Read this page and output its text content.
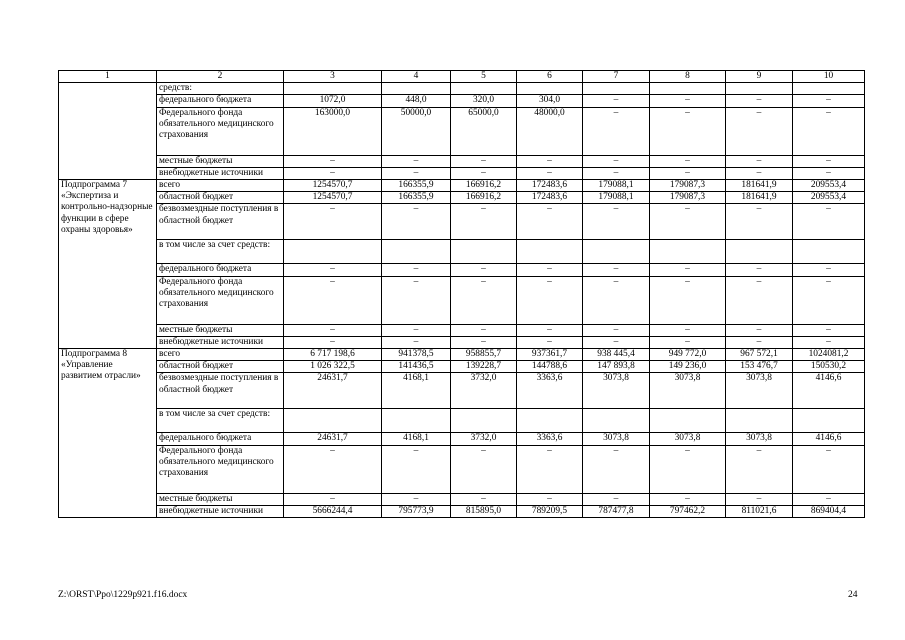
1	2	3	4	5	6	7	8	9	10
	средств:								
	федерального бюджета	1072,0	448,0	320,0	304,0	–	–	–	–
	Федерального фонда обязательного медицинского страхования	163000,0	50000,0	65000,0	48000,0	–	–	–	–
	местные бюджеты	–	–	–	–	–	–	–	–
	внебюджетные источники	–	–	–	–	–	–	–	–
Подпрограмма 7 «Экспертиза и контрольно-надзорные функции в сфере охраны здоровья»	всего	1254570,7	166355,9	166916,2	172483,6	179088,1	179087,3	181641,9	209553,4
	областной бюджет	1254570,7	166355,9	166916,2	172483,6	179088,1	179087,3	181641,9	209553,4
	безвозмездные поступления в областной бюджет	–	–	–	–	–	–	–	–
	в том числе за счет средств:								
	федерального бюджета	–	–	–	–	–	–	–	–
	Федерального фонда обязательного медицинского страхования	–	–	–	–	–	–	–	–
	местные бюджеты	–	–	–	–	–	–	–	–
	внебюджетные источники	–	–	–	–	–	–	–	–
Подпрограмма 8 «Управление развитием отрасли»	всего	6 717 198,6	941378,5	958855,7	937361,7	938 445,4	949 772,0	967 572,1	1024081,2
	областной бюджет	1 026 322,5	141436,5	139228,7	144788,6	147 893,8	149 236,0	153 476,7	150530,2
	безвозмездные поступления в областной бюджет	24631,7	4168,1	3732,0	3363,6	3073,8	3073,8	3073,8	4146,6
	в том числе за счет средств:								
	федерального бюджета	24631,7	4168,1	3732,0	3363,6	3073,8	3073,8	3073,8	4146,6
	Федерального фонда обязательного медицинского страхования	–	–	–	–	–	–	–	–
	местные бюджеты	–	–	–	–	–	–	–	–
	внебюджетные источники	5666244,4	795773,9	815895,0	789209,5	787477,8	797462,2	811021,6	869404,4
Z:\ORST\Ppo\1229p921.f16.docx	24
